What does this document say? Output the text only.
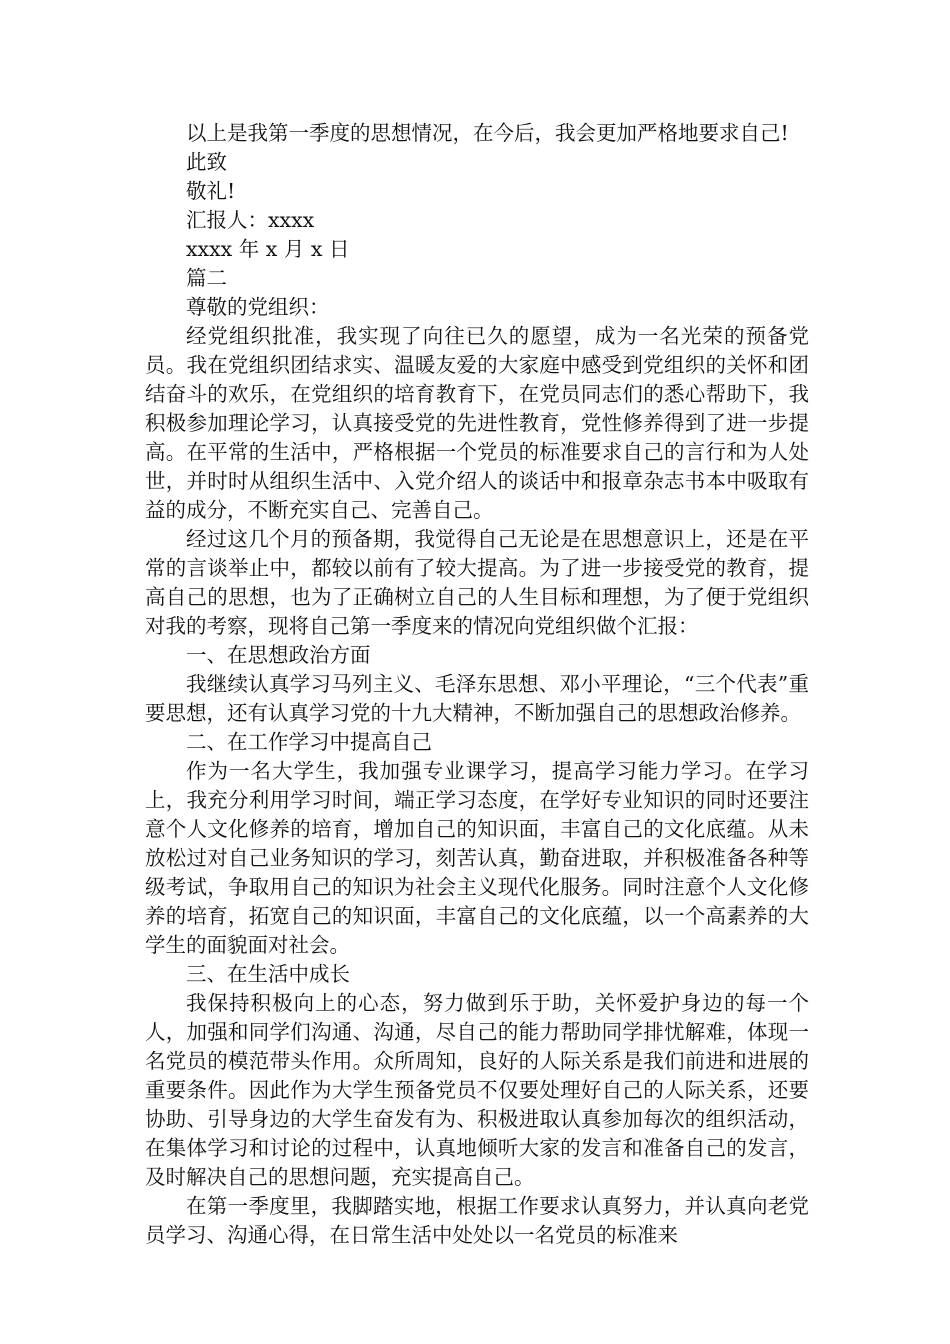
以上是我第一季度的思想情况，在今后，我会更加严格地要求自己!

此致

敬礼!

汇报人：xxxx

xxxx 年 x 月 x 日

篇二

尊敬的党组织：

经党组织批准，我实现了向往已久的愿望，成为一名光荣的预备党员。我在党组织团结求实、温暖友爱的大家庭中感受到党组织的关怀和团结奋斗的欢乐，在党组织的培育教育下，在党员同志们的悉心帮助下，我积极参加理论学习，认真接受党的先进性教育，党性修养得到了进一步提高。在平常的生活中，严格根据一个党员的标准要求自己的言行和为人处世，并时时从组织生活中、入党介绍人的谈话中和报章杂志书本中吸取有益的成分，不断充实自己、完善自己。

经过这几个月的预备期，我觉得自己无论是在思想意识上，还是在平常的言谈举止中，都较以前有了较大提高。为了进一步接受党的教育，提高自己的思想，也为了正确树立自己的人生目标和理想，为了便于党组织对我的考察，现将自己第一季度来的情况向党组织做个汇报：

一、在思想政治方面

我继续认真学习马列主义、毛泽东思想、邓小平理论，“三个代表”重要思想，还有认真学习党的十九大精神，不断加强自己的思想政治修养。

二、在工作学习中提高自己

作为一名大学生，我加强专业课学习，提高学习能力学习。在学习上，我充分利用学习时间，端正学习态度，在学好专业知识的同时还要注意个人文化修养的培育，增加自己的知识面，丰富自己的文化底蕴。从未放松过对自己业务知识的学习，刻苦认真，勤奋进取，并积极准备各种等级考试，争取用自己的知识为社会主义现代化服务。同时注意个人文化修养的培育，拓宽自己的知识面，丰富自己的文化底蕴，以一个高素养的大学生的面貌面对社会。

三、在生活中成长

我保持积极向上的心态，努力做到乐于助，关怀爱护身边的每一个人，加强和同学们沟通、沟通，尽自己的能力帮助同学排忧解难，体现一名党员的模范带头作用。众所周知，良好的人际关系是我们前进和进展的重要条件。因此作为大学生预备党员不仅要处理好自己的人际关系，还要协助、引导身边的大学生奋发有为、积极进取认真参加每次的组织活动，在集体学习和讨论的过程中，认真地倾听大家的发言和准备自己的发言，及时解决自己的思想问题，充实提高自己。

在第一季度里，我脚踏实地，根据工作要求认真努力，并认真向老党员学习、沟通心得，在日常生活中处处以一名党员的标准来
